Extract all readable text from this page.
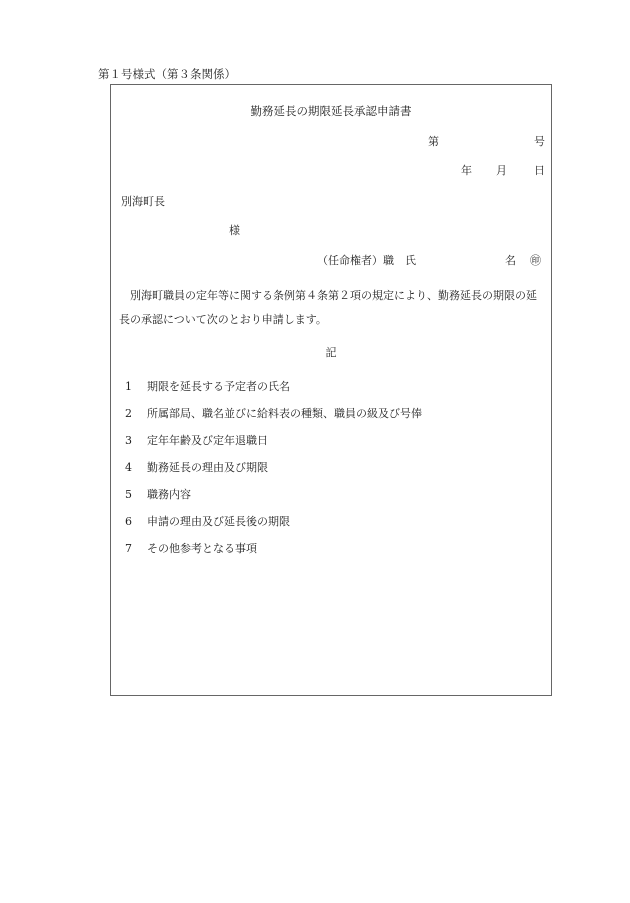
第１号様式（第３条関係）
勤務延長の期限延長承認申請書
第	号
年 月 日
別海町長
様
（任命権者）職　氏	名 ㊞
別海町職員の定年等に関する条例第４条第２項の規定により、勤務延長の期限の延長の承認について次のとおり申請します。
記
1 期限を延長する予定者の氏名
2 所属部局、職名並びに給料表の種類、職員の級及び号俸
3 定年年齢及び定年退職日
4 勤務延長の理由及び期限
5 職務内容
6 申請の理由及び延長後の期限
7 その他参考となる事項
